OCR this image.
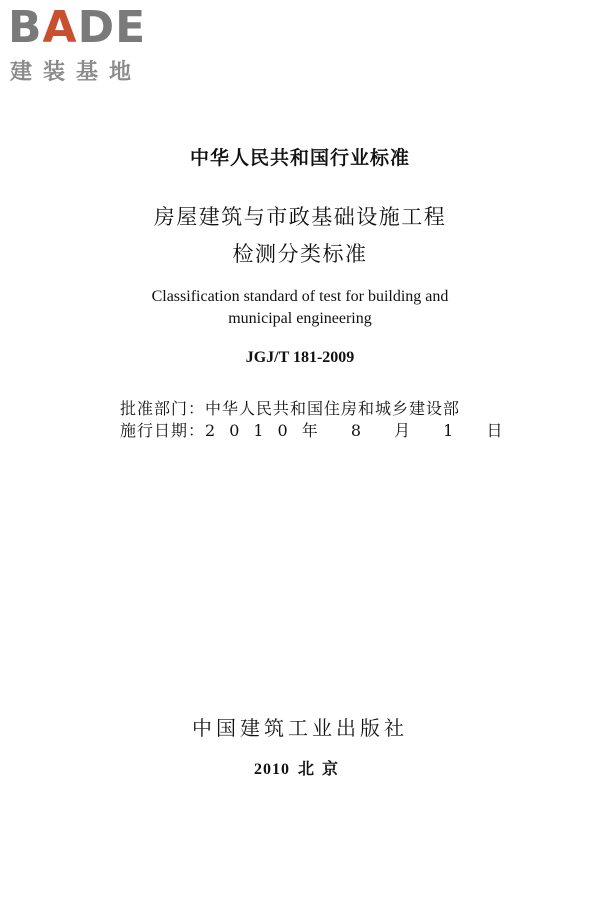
BADE
建装基地
中华人民共和国行业标准
房屋建筑与市政基础设施工程
检测分类标准
Classification standard of test for building and
municipal engineering
JGJ/T 181-2009
批准部门：中华人民共和国住房和城乡建设部
施行日期：2010年 8 月 1 日
中国建筑工业出版社
2010 北京
